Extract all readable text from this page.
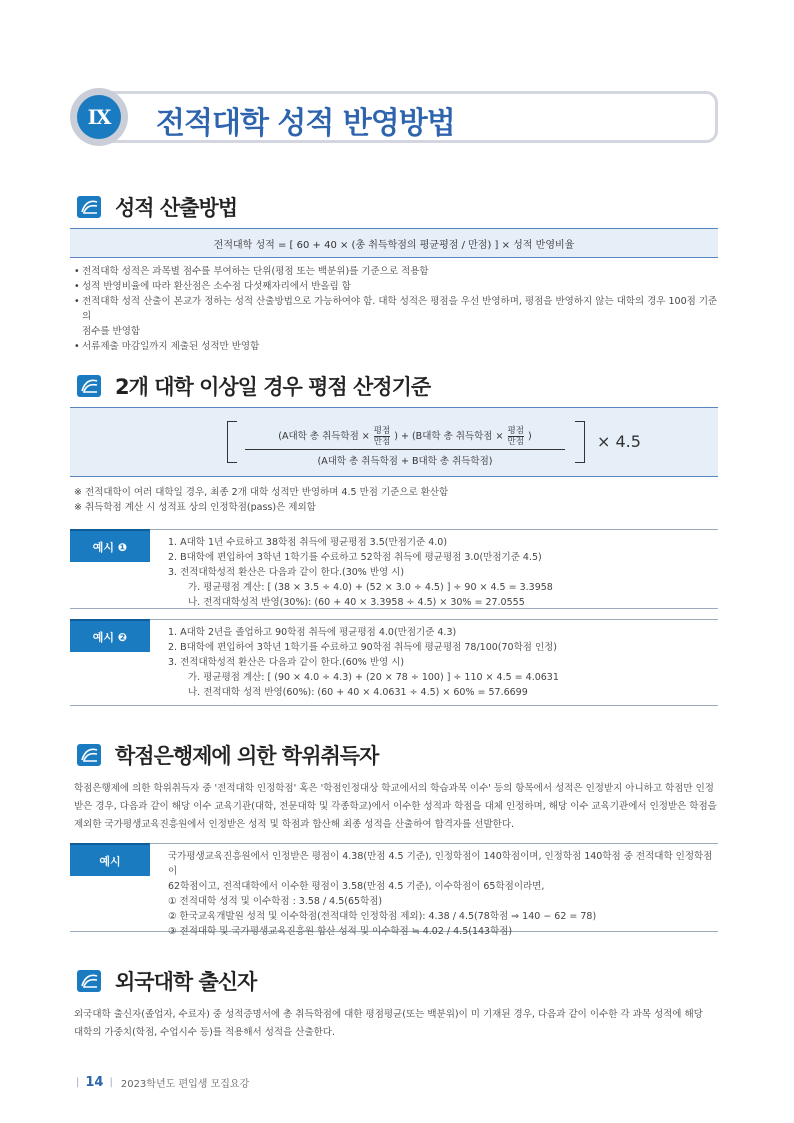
IX	전적대학 성적 반영방법
성적 산출방법
전적대학 성적 = [ 60 + 40 × (총 취득학점의 평균평점 / 만점) ] × 성적 반영비율
• 전적대학 성적은 과목별 점수를 부여하는 단위(평점 또는 백분위)를 기준으로 적용함
• 성적 반영비율에 따라 환산점은 소수점 다섯째자리에서 반올림 함
• 전적대학 성적 산출이 본교가 정하는 성적 산출방법으로 가능하여야 함. 대학 성적은 평점을 우선 반영하며, 평점을 반영하지 않는 대학의 경우 100점 기준의
점수를 반영함
• 서류제출 마감일까지 제출된 성적만 반영함
2개 대학 이상일 경우 평점 산정기준
(A대학 총 취득학점 × $\frac{\text{평점}}{\text{만점}}$ ) + (B대학 총 취득학점 × $\frac{\text{평점}}{\text{만점}}$ )
(A대학 총 취득학점 + B대학 총 취득학점)
× 4.5
※ 전적대학이 여러 대학일 경우, 최종 2개 대학 성적만 반영하며 4.5 만점 기준으로 환산함
※ 취득학점 계산 시 성적표 상의 인정학점(pass)은 제외함
예시 ❶	1. A대학 1년 수료하고 38학점 취득에 평균평점 3.5(만점기준 4.0)
2. B대학에 편입하여 3학년 1학기를 수료하고 52학점 취득에 평균평점 3.0(만점기준 4.5)
3. 전적대학성적 환산은 다음과 같이 한다.(30% 반영 시)
가. 평균평점 계산: [ (38 × 3.5 ÷ 4.0) + (52 × 3.0 ÷ 4.5) ] ÷ 90 × 4.5 = 3.3958
나. 전적대학성적 반영(30%): (60 + 40 × 3.3958 ÷ 4.5) × 30% = 27.0555
예시 ❷	1. A대학 2년을 졸업하고 90학점 취득에 평균평점 4.0(만점기준 4.3)
2. B대학에 편입하여 3학년 1학기를 수료하고 90학점 취득에 평균평점 78/100(70학점 인정)
3. 전적대학성적 환산은 다음과 같이 한다.(60% 반영 시)
가. 평균평점 계산: [ (90 × 4.0 ÷ 4.3) + (20 × 78 ÷ 100) ] ÷ 110 × 4.5 = 4.0631
나. 전적대학 성적 반영(60%): (60 + 40 × 4.0631 ÷ 4.5) × 60% = 57.6699
학점은행제에 의한 학위취득자
학점은행제에 의한 학위취득자 중 '전적대학 인정학점' 혹은 '학점인정대상 학교에서의 학습과목 이수' 등의 항목에서 성적은 인정받지 아니하고 학점만 인정
받은 경우, 다음과 같이 해당 이수 교육기관(대학, 전문대학 및 각종학교)에서 이수한 성적과 학점을 대체 인정하며, 해당 이수 교육기관에서 인정받은 학점을
제외한 국가평생교육진흥원에서 인정받은 성적 및 학점과 합산해 최종 성적을 산출하여 합격자를 선발한다.
예시	국가평생교육진흥원에서 인정받은 평점이 4.38(만점 4.5 기준), 인정학점이 140학점이며, 인정학점 140학점 중 전적대학 인정학점이
62학점이고, 전적대학에서 이수한 평점이 3.58(만점 4.5 기준), 이수학점이 65학점이라면,
① 전적대학 성적 및 이수학점 : 3.58 / 4.5(65학점)
② 한국교육개발원 성적 및 이수학점(전적대학 인정학점 제외): 4.38 / 4.5(78학점 ⇒ 140 − 62 = 78)
③ 전적대학 및 국가평생교육진흥원 합산 성적 및 이수학점 ≒ 4.02 / 4.5(143학점)
외국대학 출신자
외국대학 출신자(졸업자, 수료자) 중 성적증명서에 총 취득학점에 대한 평점평균(또는 백분위)이 미 기재된 경우, 다음과 같이 이수한 각 과목 성적에 해당
대학의 가중치(학점, 수업시수 등)를 적용해서 성적을 산출한다.
| 14 | 2023학년도 편입생 모집요강
